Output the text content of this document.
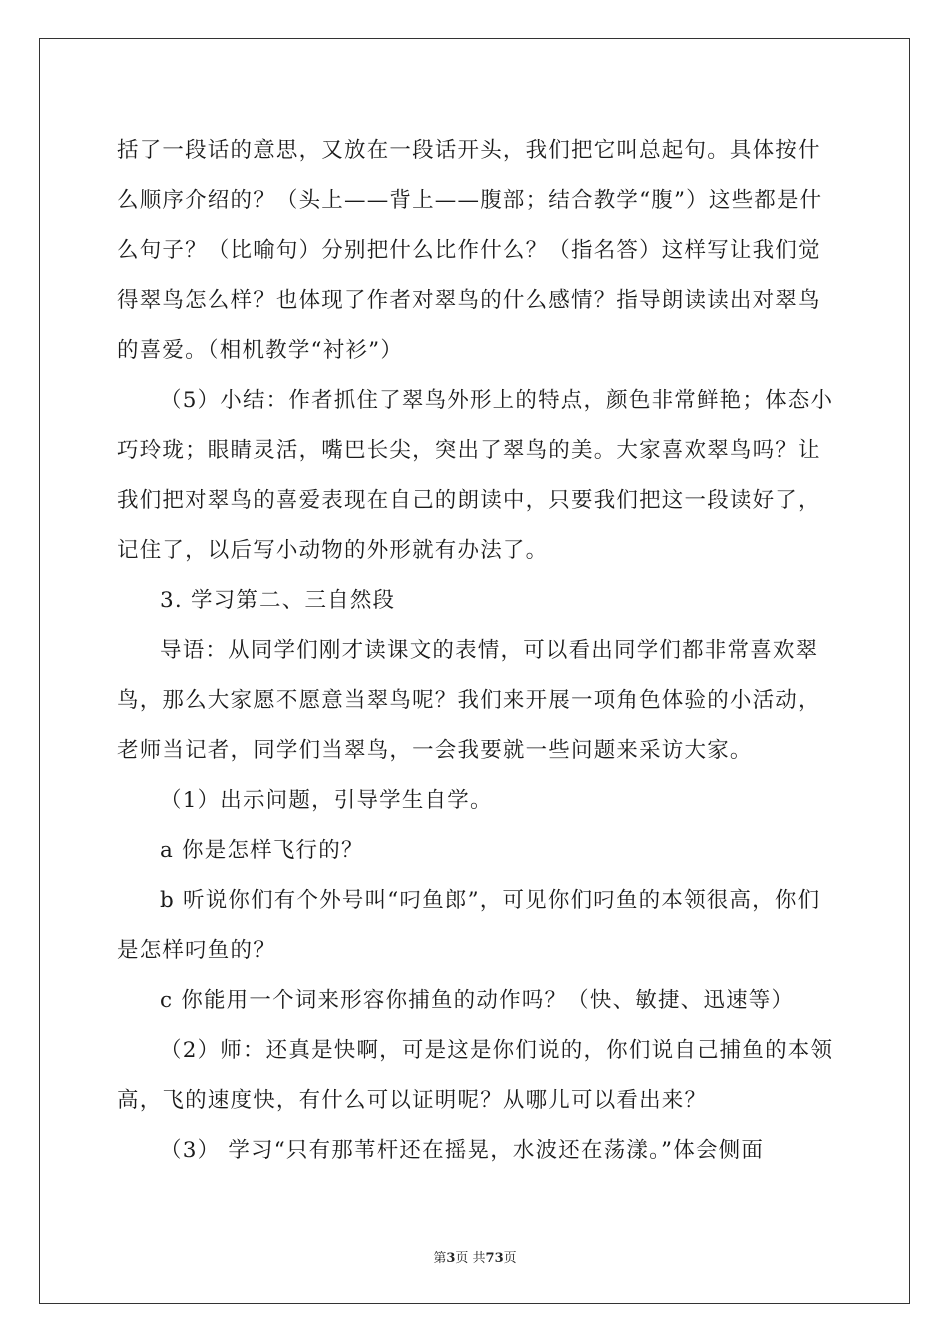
括了一段话的意思，又放在一段话开头，我们把它叫总起句。具体按什么顺序介绍的？（头上——背上——腹部；结合教学“腹”）这些都是什么句子？（比喻句）分别把什么比作什么？（指名答）这样写让我们觉得翠鸟怎么样？也体现了作者对翠鸟的什么感情？指导朗读读出对翠鸟的喜爱。（相机教学“衬衫”）

（5）小结：作者抓住了翠鸟外形上的特点，颜色非常鲜艳；体态小巧玲珑；眼睛灵活，嘴巴长尖，突出了翠鸟的美。大家喜欢翠鸟吗？让我们把对翠鸟的喜爱表现在自己的朗读中，只要我们把这一段读好了，记住了，以后写小动物的外形就有办法了。

3. 学习第二、三自然段

导语：从同学们刚才读课文的表情，可以看出同学们都非常喜欢翠鸟，那么大家愿不愿意当翠鸟呢？我们来开展一项角色体验的小活动，老师当记者，同学们当翠鸟，一会我要就一些问题来采访大家。

（1）出示问题，引导学生自学。

a 你是怎样飞行的？

b 听说你们有个外号叫“叼鱼郎”，可见你们叼鱼的本领很高，你们是怎样叼鱼的？

c 你能用一个词来形容你捕鱼的动作吗？（快、敏捷、迅速等）

（2）师：还真是快啊，可是这是你们说的，你们说自己捕鱼的本领高，飞的速度快，有什么可以证明呢？从哪儿可以看出来？

（3） 学习“只有那苇杆还在摇晃，水波还在荡漾。”体会侧面

第3页 共73页
